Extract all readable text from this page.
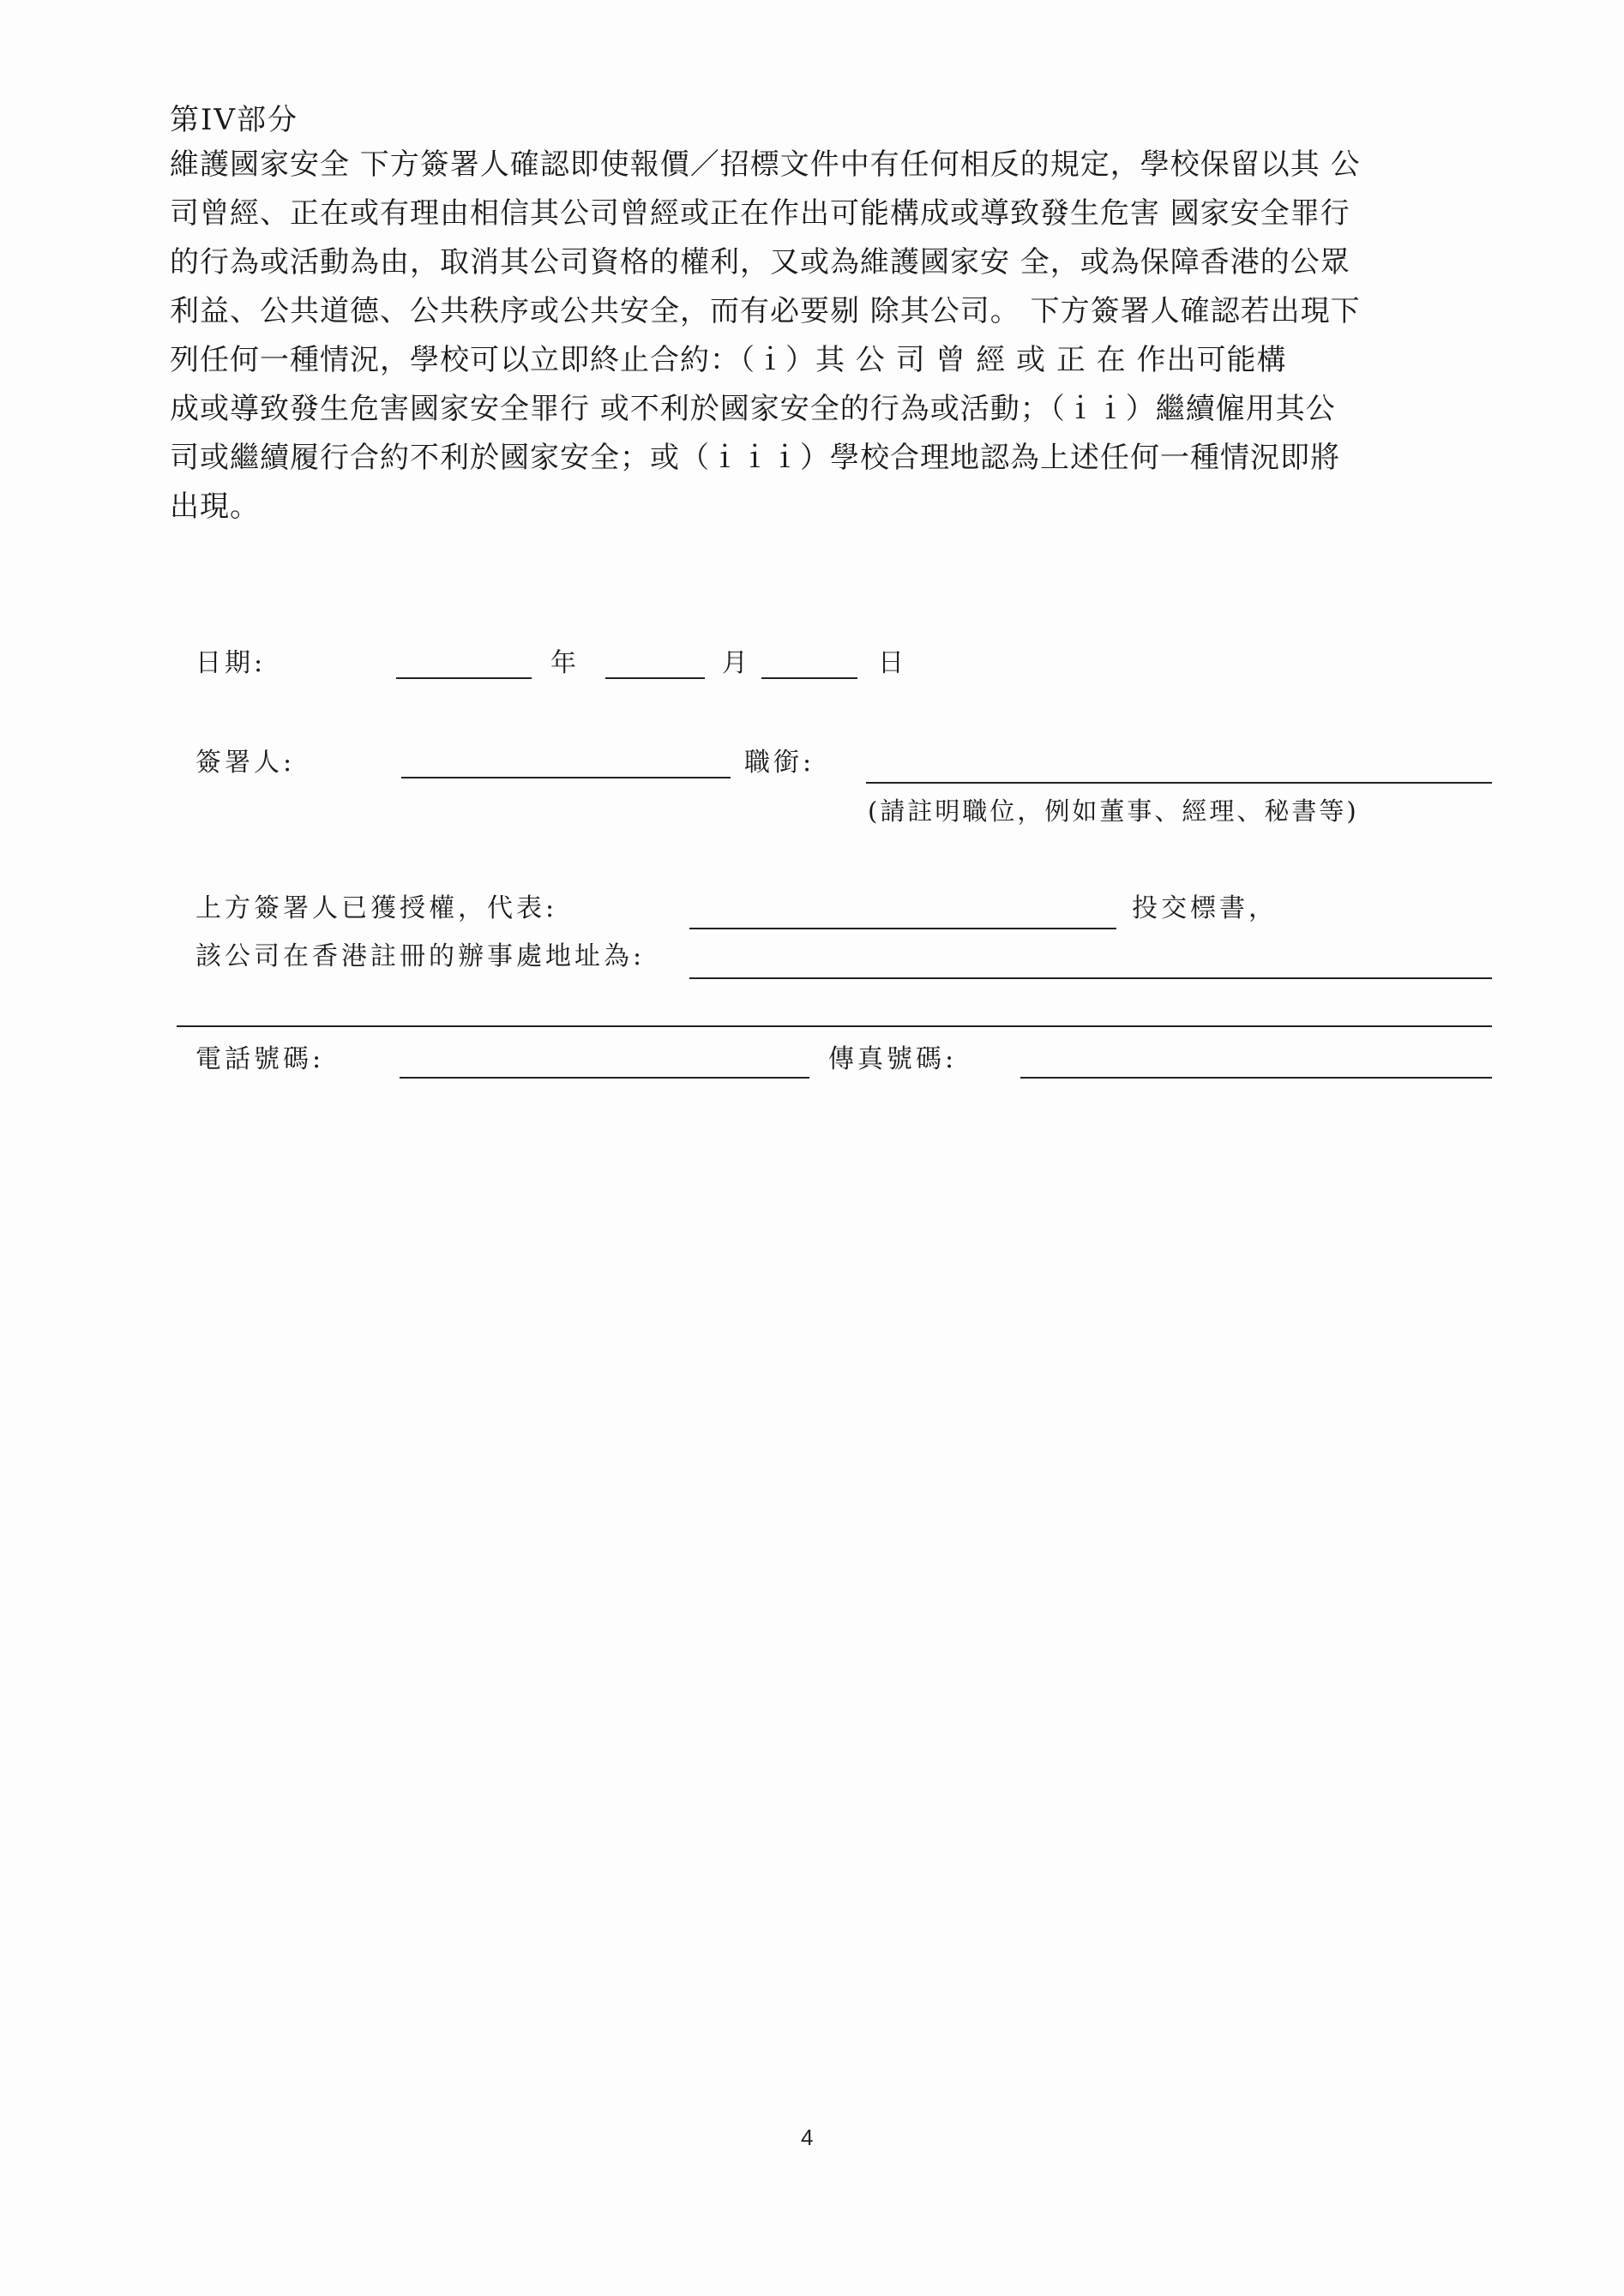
第IV部分
維護國家安全 下方簽署人確認即使報價／招標文件中有任何相反的規定，學校保留以其 公
司曾經、正在或有理由相信其公司曾經或正在作出可能構成或導致發生危害 國家安全罪行
的行為或活動為由，取消其公司資格的權利，又或為維護國家安 全，或為保障香港的公眾
利益、公共道德、公共秩序或公共安全，而有必要剔 除其公司。 下方簽署人確認若出現下
列任何一種情況，學校可以立即終止合約：（ｉ）其 公 司 曾 經 或 正 在 作出可能構
成或導致發生危害國家安全罪行 或不利於國家安全的行為或活動；（ｉｉ）繼續僱用其公
司或繼續履行合約不利於國家安全；或（ｉｉｉ）學校合理地認為上述任何一種情況即將
出現。
日期:	年	月	日
簽署人:	職銜:
(請註明職位，例如董事、經理、秘書等)
上方簽署人已獲授權，代表:	投交標書，
該公司在香港註冊的辦事處地址為:
電話號碼:	傳真號碼:
4
